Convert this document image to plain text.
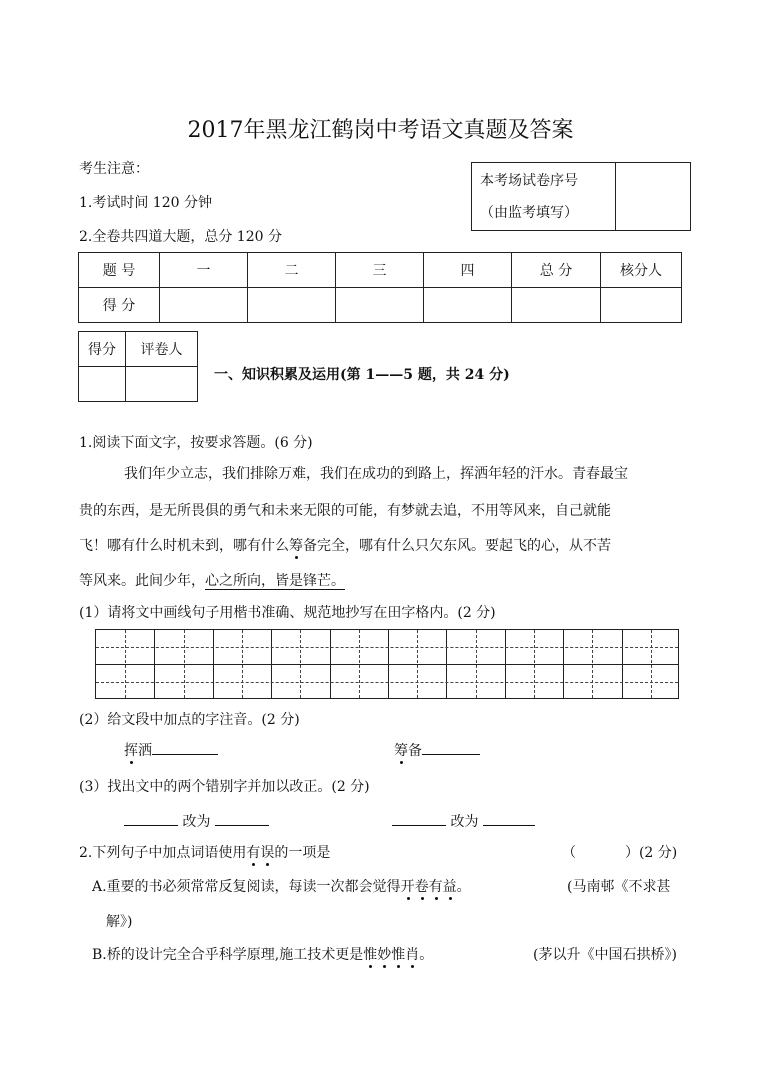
2017年黑龙江鹤岗中考语文真题及答案
考生注意：
1.考试时间 120 分钟
2.全卷共四道大题，总分 120 分
本考场试卷序号
（由监考填写）

题 号	一	二	三	四	总 分	核分人
得 分						
得分	评卷人

一、知识积累及运用(第 1——5 题，共 24 分)
1.阅读下面文字，按要求答题。(6 分)
我们年少立志，我们排除万难，我们在成功的到路上，挥洒年轻的汗水。青春最宝
贵的东西，是无所畏俱的勇气和未来无限的可能，有梦就去追，不用等风来，自己就能
飞！哪有什么时机未到，哪有什么筹备完全，哪有什么只欠东风。要起飞的心，从不苦
等风来。此间少年，心之所向，皆是锋芒。
(1）请将文中画线句子用楷书准确、规范地抄写在田字格内。(2 分)
(2）给文段中加点的字注音。(2 分)
挥洒	筹备
(3）找出文中的两个错别字并加以改正。(2 分)
改为	改为
2.下列句子中加点词语使用有误的一项是	（           ）(2 分)
A.重要的书必须常常反复阅读，每读一次都会觉得开卷有益。	(马南邨《不求甚
解》)
B.桥的设计完全合乎科学原理,施工技术更是惟妙惟肖。	(茅以升《中国石拱桥》)
